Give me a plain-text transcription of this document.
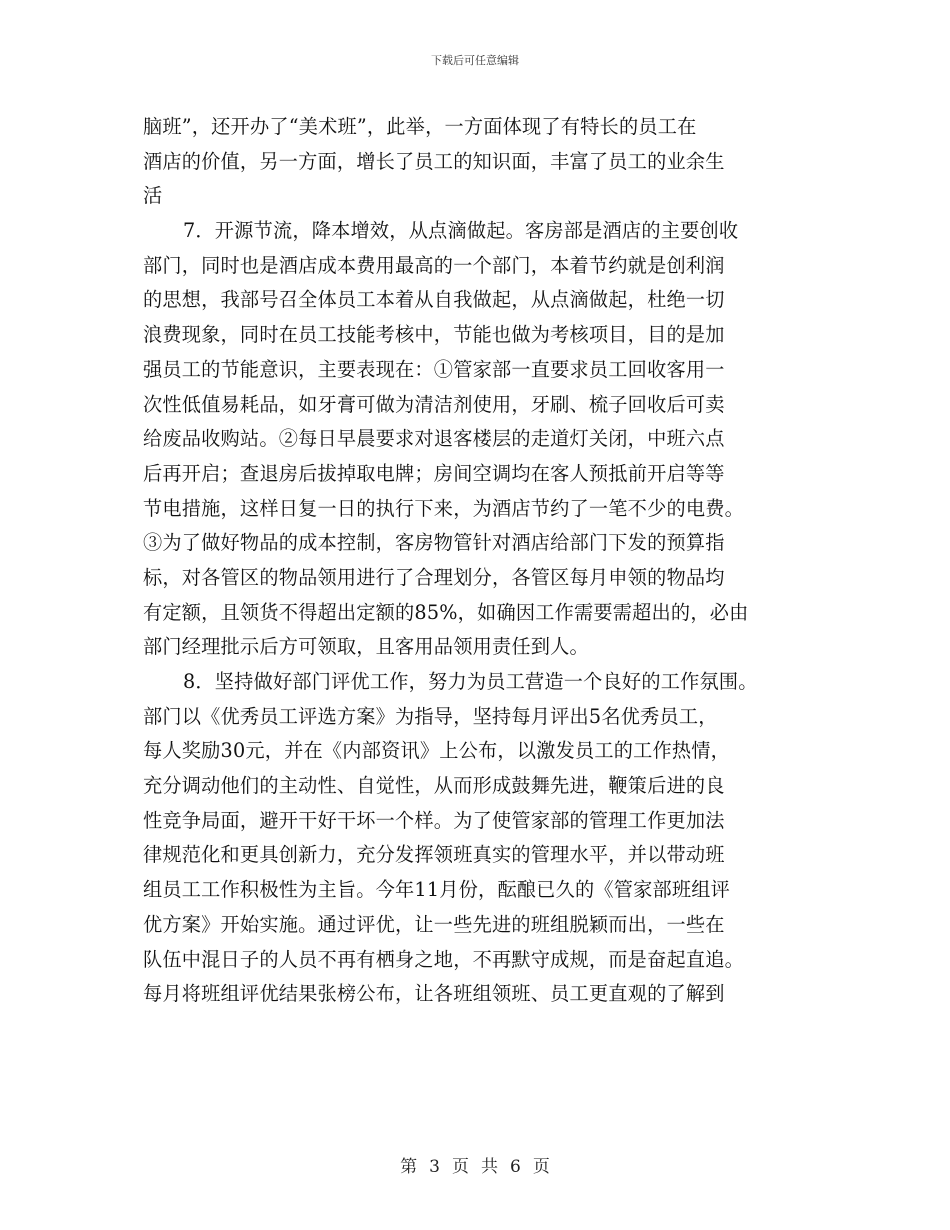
下载后可任意编辑
脑班”，还开办了“美术班”，此举，一方面体现了有特长的员工在
酒店的价值，另一方面，增长了员工的知识面，丰富了员工的业余生
活
7．开源节流，降本增效，从点滴做起。客房部是酒店的主要创收
部门，同时也是酒店成本费用最高的一个部门，本着节约就是创利润
的思想，我部号召全体员工本着从自我做起，从点滴做起，杜绝一切
浪费现象，同时在员工技能考核中，节能也做为考核项目，目的是加
强员工的节能意识，主要表现在：①管家部一直要求员工回收客用一
次性低值易耗品，如牙膏可做为清洁剂使用，牙刷、梳子回收后可卖
给废品收购站。②每日早晨要求对退客楼层的走道灯关闭，中班六点
后再开启；查退房后拔掉取电牌；房间空调均在客人预抵前开启等等
节电措施，这样日复一日的执行下来，为酒店节约了一笔不少的电费。
③为了做好物品的成本控制，客房物管针对酒店给部门下发的预算指
标，对各管区的物品领用进行了合理划分，各管区每月申领的物品均
有定额，且领货不得超出定额的85%，如确因工作需要需超出的，必由
部门经理批示后方可领取，且客用品领用责任到人。
8．坚持做好部门评优工作，努力为员工营造一个良好的工作氛围。
部门以《优秀员工评选方案》为指导，坚持每月评出5名优秀员工，
每人奖励30元，并在《内部资讯》上公布，以激发员工的工作热情，
充分调动他们的主动性、自觉性，从而形成鼓舞先进，鞭策后进的良
性竞争局面，避开干好干坏一个样。为了使管家部的管理工作更加法
律规范化和更具创新力，充分发挥领班真实的管理水平，并以带动班
组员工工作积极性为主旨。今年11月份，酝酿已久的《管家部班组评
优方案》开始实施。通过评优，让一些先进的班组脱颖而出，一些在
队伍中混日子的人员不再有栖身之地，不再默守成规，而是奋起直追。
每月将班组评优结果张榜公布，让各班组领班、员工更直观的了解到
第 3 页 共 6 页
